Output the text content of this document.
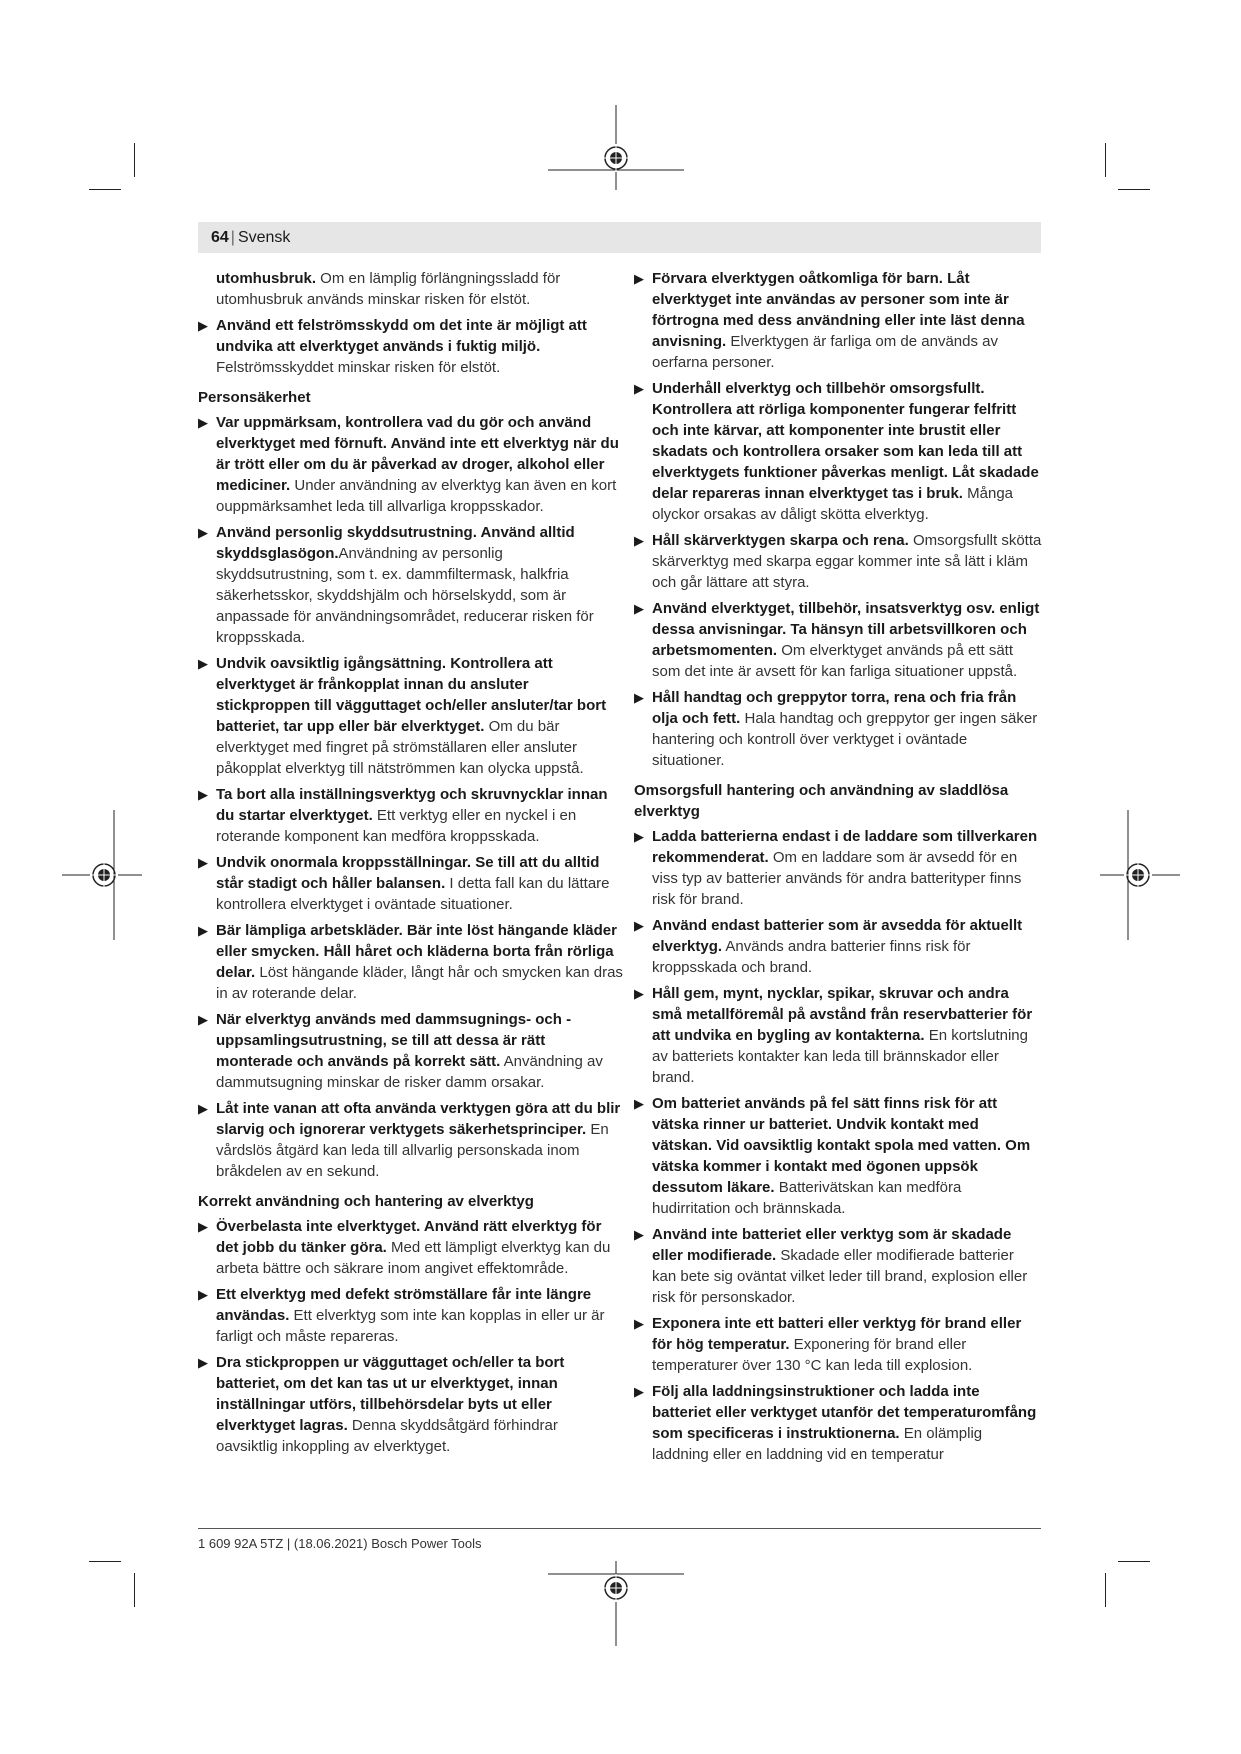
64 | Svensk
utomhusbruk. Om en lämplig förlängningssladd för utomhusbruk används minskar risken för elstöt.
▶ Använd ett felströmsskydd om det inte är möjligt att undvika att elverktyget används i fuktig miljö. Felströmsskyddet minskar risken för elstöt.
Personsäkerhet
▶ Var uppmärksam, kontrollera vad du gör och använd elverktyget med förnuft. Använd inte ett elverktyg när du är trött eller om du är påverkad av droger, alkohol eller mediciner. Under användning av elverktyg kan även en kort ouppmärksamhet leda till allvarliga kroppsskador.
▶ Använd personlig skyddsutrustning. Använd alltid skyddsglasögon.Användning av personlig skyddsutrustning, som t. ex. dammfiltermask, halkfria säkerhetsskor, skyddshjälm och hörselskydd, som är anpassade för användningsområdet, reducerar risken för kroppsskada.
▶ Undvik oavsiktlig igångsättning. Kontrollera att elverktyget är frånkopplat innan du ansluter stickproppen till vägguttaget och/eller ansluter/tar bort batteriet, tar upp eller bär elverktyget. Om du bär elverktyget med fingret på strömställaren eller ansluter påkopplat elverktyg till nätströmmen kan olycka uppstå.
▶ Ta bort alla inställningsverktyg och skruvnycklar innan du startar elverktyget. Ett verktyg eller en nyckel i en roterande komponent kan medföra kroppsskada.
▶ Undvik onormala kroppsställningar. Se till att du alltid står stadigt och håller balansen. I detta fall kan du lättare kontrollera elverktyget i oväntade situationer.
▶ Bär lämpliga arbetskläder. Bär inte löst hängande kläder eller smycken. Håll håret och kläderna borta från rörliga delar. Löst hängande kläder, långt hår och smycken kan dras in av roterande delar.
▶ När elverktyg används med dammsugnings- och -uppsamlingsutrustning, se till att dessa är rätt monterade och används på korrekt sätt. Användning av dammutsugning minskar de risker damm orsakar.
▶ Låt inte vanan att ofta använda verktygen göra att du blir slarvig och ignorerar verktygets säkerhetsprinciper. En vårdslös åtgärd kan leda till allvarlig personskada inom bråkdelen av en sekund.
Korrekt användning och hantering av elverktyg
▶ Överbelasta inte elverktyget. Använd rätt elverktyg för det jobb du tänker göra. Med ett lämpligt elverktyg kan du arbeta bättre och säkrare inom angivet effektområde.
▶ Ett elverktyg med defekt strömställare får inte längre användas. Ett elverktyg som inte kan kopplas in eller ur är farligt och måste repareras.
▶ Dra stickproppen ur vägguttaget och/eller ta bort batteriet, om det kan tas ut ur elverktyget, innan inställningar utförs, tillbehörsdelar byts ut eller elverktyget lagras. Denna skyddsåtgärd förhindrar oavsiktlig inkoppling av elverktyget.
▶ Förvara elverktygen oåtkomliga för barn. Låt elverktyget inte användas av personer som inte är förtrogna med dess användning eller inte läst denna anvisning. Elverktygen är farliga om de används av oerfarna personer.
▶ Underhåll elverktyg och tillbehör omsorgsfullt. Kontrollera att rörliga komponenter fungerar felfritt och inte kärvar, att komponenter inte brustit eller skadats och kontrollera orsaker som kan leda till att elverktygets funktioner påverkas menligt. Låt skadade delar repareras innan elverktyget tas i bruk. Många olyckor orsakas av dåligt skötta elverktyg.
▶ Håll skärverktygen skarpa och rena. Omsorgsfullt skötta skärverktyg med skarpa eggar kommer inte så lätt i kläm och går lättare att styra.
▶ Använd elverktyget, tillbehör, insatsverktyg osv. enligt dessa anvisningar. Ta hänsyn till arbetsvillkoren och arbetsmomenten. Om elverktyget används på ett sätt som det inte är avsett för kan farliga situationer uppstå.
▶ Håll handtag och greppytor torra, rena och fria från olja och fett. Hala handtag och greppytor ger ingen säker hantering och kontroll över verktyget i oväntade situationer.
Omsorgsfull hantering och användning av sladdlösa elverktyg
▶ Ladda batterierna endast i de laddare som tillverkaren rekommenderat. Om en laddare som är avsedd för en viss typ av batterier används för andra batterityper finns risk för brand.
▶ Använd endast batterier som är avsedda för aktuellt elverktyg. Används andra batterier finns risk för kroppsskada och brand.
▶ Håll gem, mynt, nycklar, spikar, skruvar och andra små metallföremål på avstånd från reservbatterier för att undvika en bygling av kontakterna. En kortslutning av batteriets kontakter kan leda till brännskador eller brand.
▶ Om batteriet används på fel sätt finns risk för att vätska rinner ur batteriet. Undvik kontakt med vätskan. Vid oavsiktlig kontakt spola med vatten. Om vätska kommer i kontakt med ögonen uppsök dessutom läkare. Batterivätskan kan medföra hudirritation och brännskada.
▶ Använd inte batteriet eller verktyg som är skadade eller modifierade. Skadade eller modifierade batterier kan bete sig oväntat vilket leder till brand, explosion eller risk för personskador.
▶ Exponera inte ett batteri eller verktyg för brand eller för hög temperatur. Exponering för brand eller temperaturer över 130 °C kan leda till explosion.
▶ Följ alla laddningsinstruktioner och ladda inte batteriet eller verktyget utanför det temperaturomfång som specificeras i instruktionerna. En olämplig laddning eller en laddning vid en temperatur
1 609 92A 5TZ | (18.06.2021) Bosch Power Tools
